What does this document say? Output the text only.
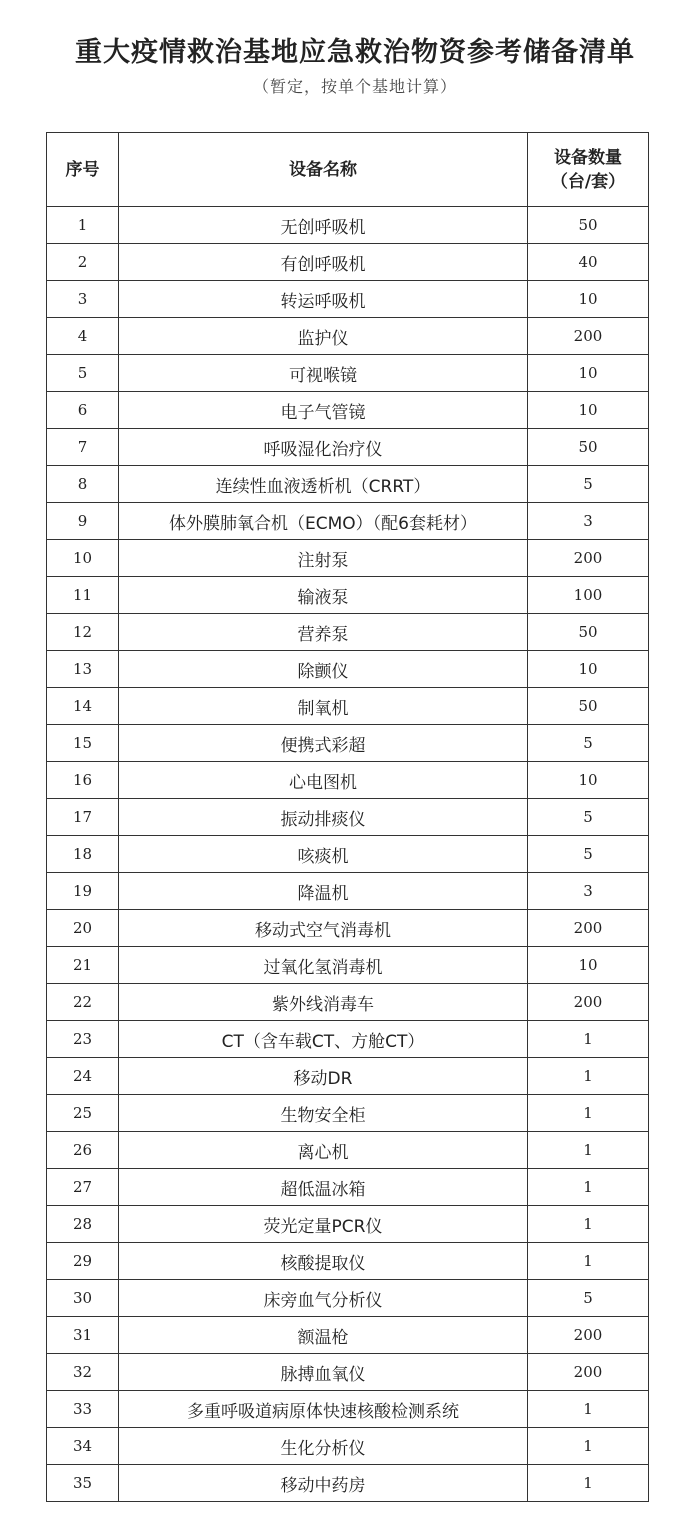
重大疫情救治基地应急救治物资参考储备清单

（暂定，按单个基地计算）

序号	设备名称	设备数量
（台/套）
1	无创呼吸机	50
2	有创呼吸机	40
3	转运呼吸机	10
4	监护仪	200
5	可视喉镜	10
6	电子气管镜	10
7	呼吸湿化治疗仪	50
8	连续性血液透析机（CRRT）	5
9	体外膜肺氧合机（ECMO）（配6套耗材）	3
10	注射泵	200
11	输液泵	100
12	营养泵	50
13	除颤仪	10
14	制氧机	50
15	便携式彩超	5
16	心电图机	10
17	振动排痰仪	5
18	咳痰机	5
19	降温机	3
20	移动式空气消毒机	200
21	过氧化氢消毒机	10
22	紫外线消毒车	200
23	CT（含车载CT、方舱CT）	1
24	移动DR	1
25	生物安全柜	1
26	离心机	1
27	超低温冰箱	1
28	荧光定量PCR仪	1
29	核酸提取仪	1
30	床旁血气分析仪	5
31	额温枪	200
32	脉搏血氧仪	200
33	多重呼吸道病原体快速核酸检测系统	1
34	生化分析仪	1
35	移动中药房	1
